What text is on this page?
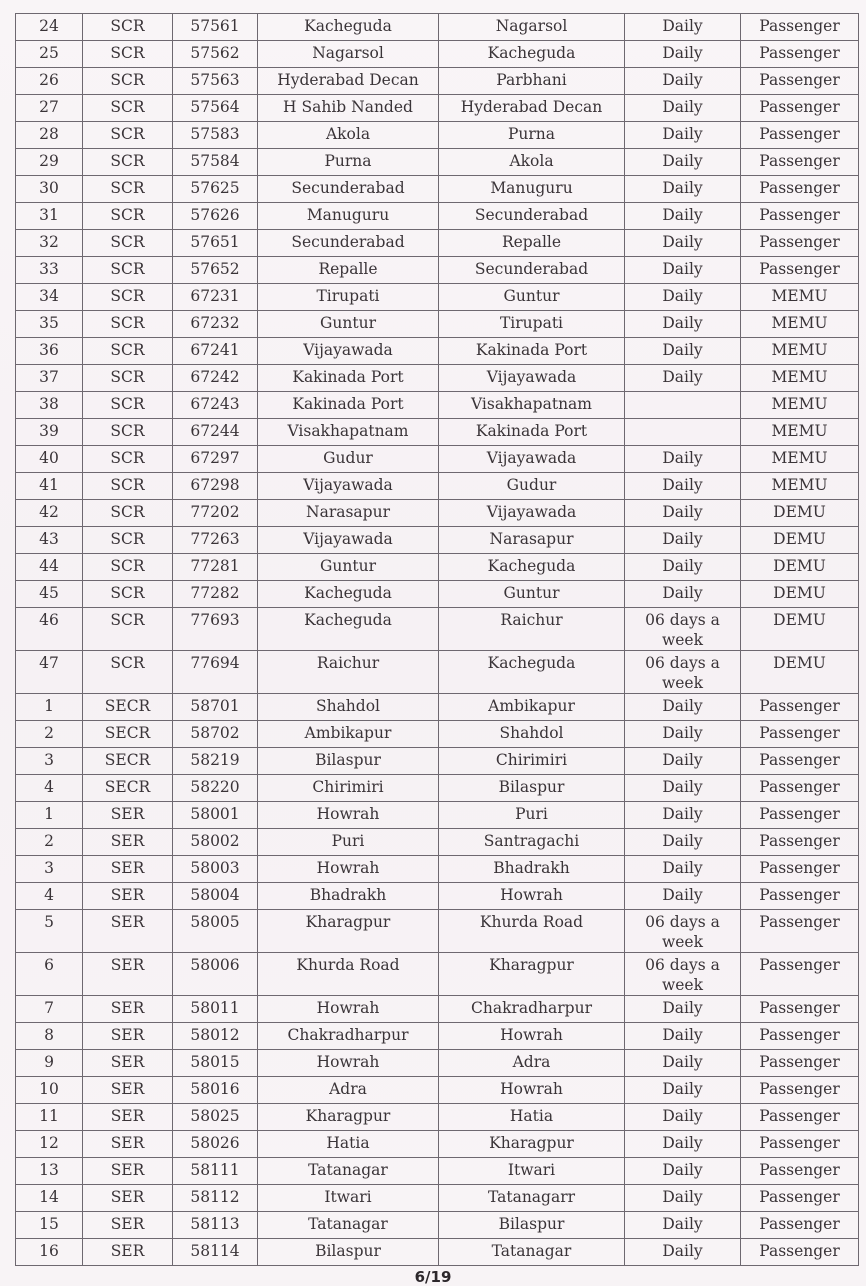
24	SCR	57561	Kacheguda	Nagarsol	Daily	Passenger
25	SCR	57562	Nagarsol	Kacheguda	Daily	Passenger
26	SCR	57563	Hyderabad Decan	Parbhani	Daily	Passenger
27	SCR	57564	H Sahib Nanded	Hyderabad Decan	Daily	Passenger
28	SCR	57583	Akola	Purna	Daily	Passenger
29	SCR	57584	Purna	Akola	Daily	Passenger
30	SCR	57625	Secunderabad	Manuguru	Daily	Passenger
31	SCR	57626	Manuguru	Secunderabad	Daily	Passenger
32	SCR	57651	Secunderabad	Repalle	Daily	Passenger
33	SCR	57652	Repalle	Secunderabad	Daily	Passenger
34	SCR	67231	Tirupati	Guntur	Daily	MEMU
35	SCR	67232	Guntur	Tirupati	Daily	MEMU
36	SCR	67241	Vijayawada	Kakinada Port	Daily	MEMU
37	SCR	67242	Kakinada Port	Vijayawada	Daily	MEMU
38	SCR	67243	Kakinada Port	Visakhapatnam		MEMU
39	SCR	67244	Visakhapatnam	Kakinada Port		MEMU
40	SCR	67297	Gudur	Vijayawada	Daily	MEMU
41	SCR	67298	Vijayawada	Gudur	Daily	MEMU
42	SCR	77202	Narasapur	Vijayawada	Daily	DEMU
43	SCR	77263	Vijayawada	Narasapur	Daily	DEMU
44	SCR	77281	Guntur	Kacheguda	Daily	DEMU
45	SCR	77282	Kacheguda	Guntur	Daily	DEMU
46	SCR	77693	Kacheguda	Raichur	06 days a week	DEMU
47	SCR	77694	Raichur	Kacheguda	06 days a week	DEMU
1	SECR	58701	Shahdol	Ambikapur	Daily	Passenger
2	SECR	58702	Ambikapur	Shahdol	Daily	Passenger
3	SECR	58219	Bilaspur	Chirimiri	Daily	Passenger
4	SECR	58220	Chirimiri	Bilaspur	Daily	Passenger
1	SER	58001	Howrah	Puri	Daily	Passenger
2	SER	58002	Puri	Santragachi	Daily	Passenger
3	SER	58003	Howrah	Bhadrakh	Daily	Passenger
4	SER	58004	Bhadrakh	Howrah	Daily	Passenger
5	SER	58005	Kharagpur	Khurda Road	06 days a week	Passenger
6	SER	58006	Khurda Road	Kharagpur	06 days a week	Passenger
7	SER	58011	Howrah	Chakradharpur	Daily	Passenger
8	SER	58012	Chakradharpur	Howrah	Daily	Passenger
9	SER	58015	Howrah	Adra	Daily	Passenger
10	SER	58016	Adra	Howrah	Daily	Passenger
11	SER	58025	Kharagpur	Hatia	Daily	Passenger
12	SER	58026	Hatia	Kharagpur	Daily	Passenger
13	SER	58111	Tatanagar	Itwari	Daily	Passenger
14	SER	58112	Itwari	Tatanagarr	Daily	Passenger
15	SER	58113	Tatanagar	Bilaspur	Daily	Passenger
16	SER	58114	Bilaspur	Tatanagar	Daily	Passenger
6/19
